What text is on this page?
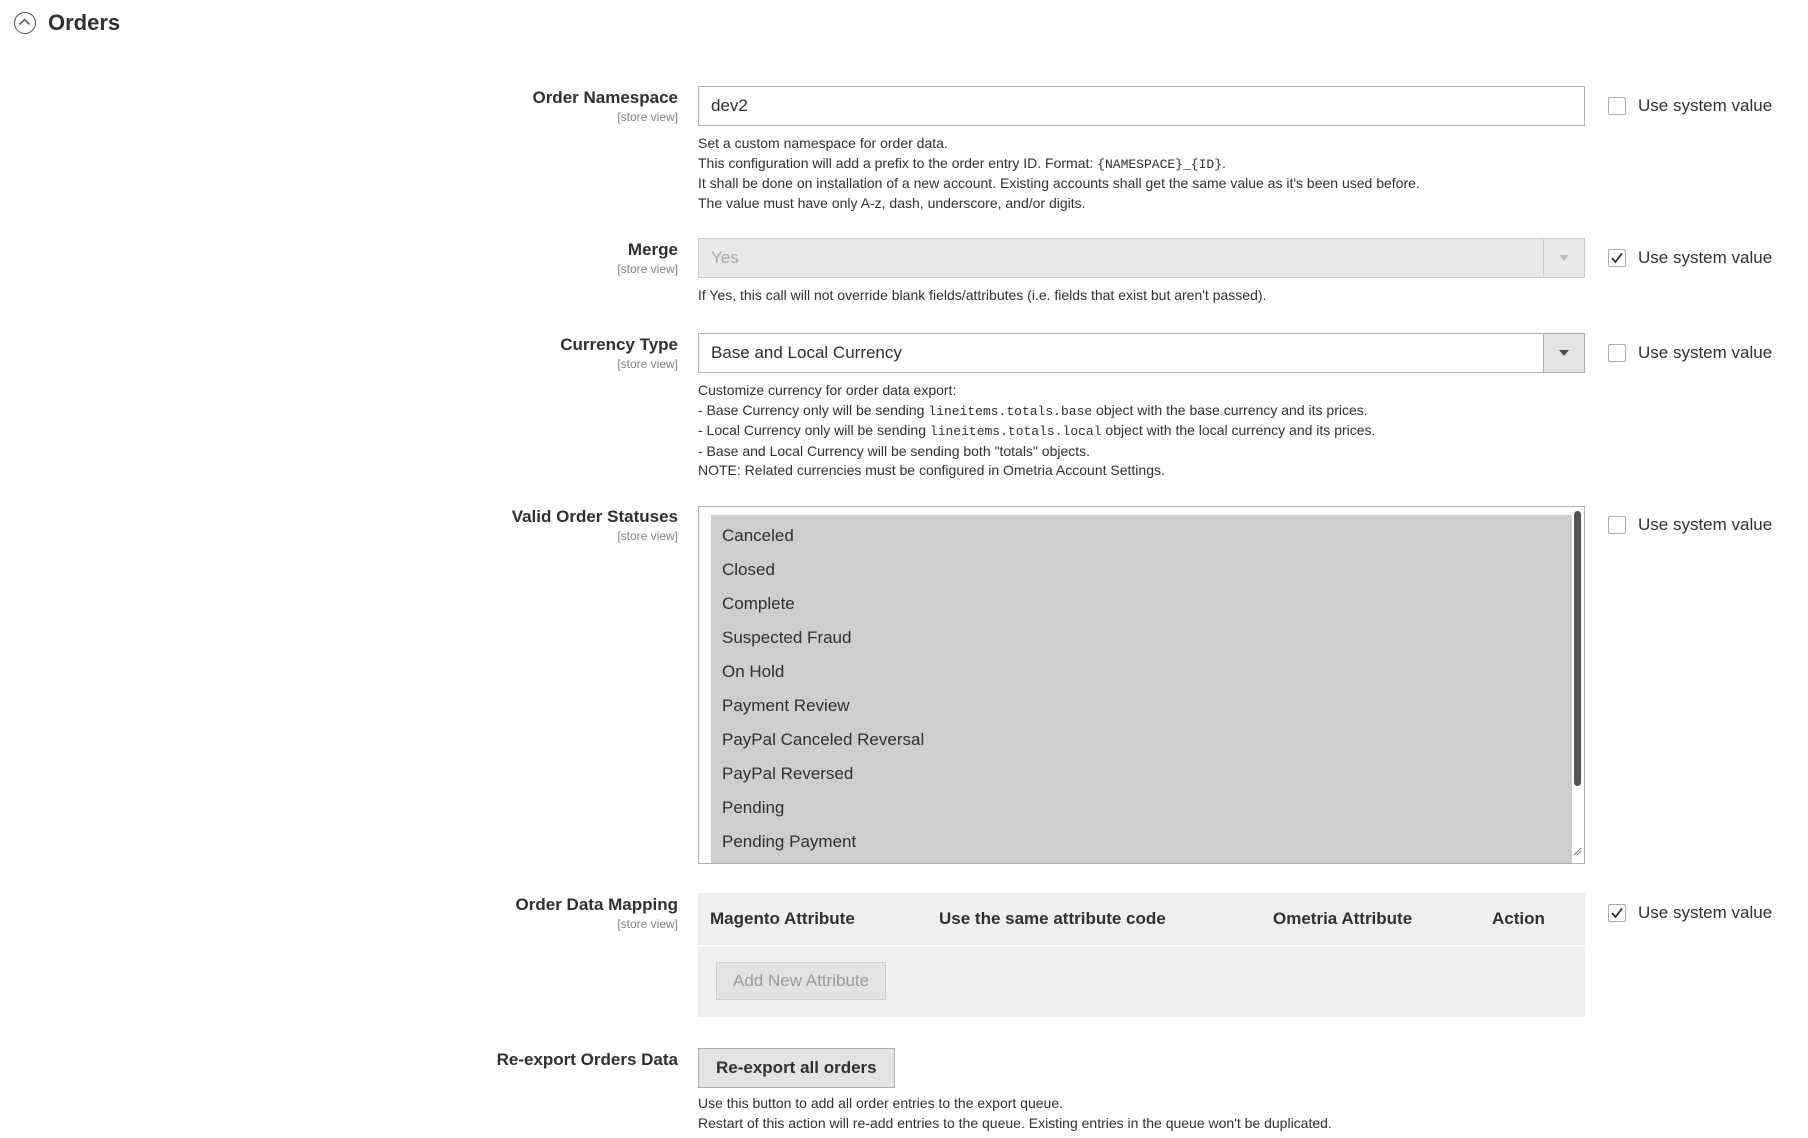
Orders
Order Namespace
[store view]
dev2
Set a custom namespace for order data.
This configuration will add a prefix to the order entry ID. Format: {NAMESPACE}_{ID}.
It shall be done on installation of a new account. Existing accounts shall get the same value as it's been used before.
The value must have only A-z, dash, underscore, and/or digits.
Use system value
Merge
[store view]
Yes
If Yes, this call will not override blank fields/attributes (i.e. fields that exist but aren't passed).
Use system value
Currency Type
[store view]
Base and Local Currency
Customize currency for order data export:
- Base Currency only will be sending lineitems.totals.base object with the base currency and its prices.
- Local Currency only will be sending lineitems.totals.local object with the local currency and its prices.
- Base and Local Currency will be sending both "totals" objects.
NOTE: Related currencies must be configured in Ometria Account Settings.
Use system value
Valid Order Statuses
[store view]	Canceled
Closed
Complete
Suspected Fraud
On Hold
Payment Review
PayPal Canceled Reversal
PayPal Reversed
Pending
Pending Payment
Use system value
Order Data Mapping
[store view] Magento Attribute	Use the same attribute code	Ometria Attribute	Action
Add New Attribute
Use system value
Re-export Orders Data	Re-export all orders
Use this button to add all order entries to the export queue.
Restart of this action will re-add entries to the queue. Existing entries in the queue won't be duplicated.
